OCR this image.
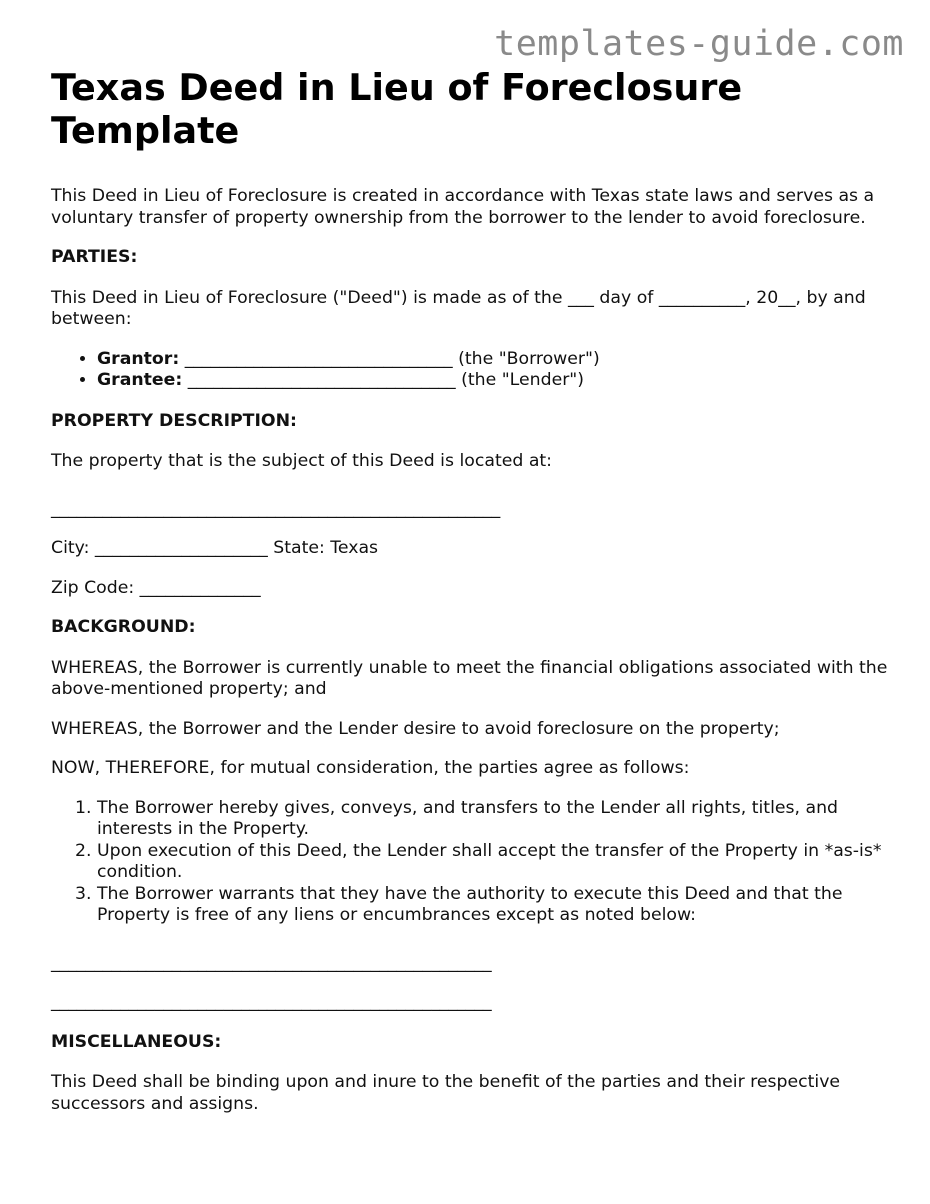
templates-guide.com
Texas Deed in Lieu of Foreclosure Template

This Deed in Lieu of Foreclosure is created in accordance with Texas state laws and serves as a voluntary transfer of property ownership from the borrower to the lender to avoid foreclosure.

PARTIES:

This Deed in Lieu of Foreclosure ("Deed") is made as of the ___ day of __________, 20__, by and between:

• Grantor: _______________________________ (the "Borrower")
• Grantee: _______________________________ (the "Lender")

PROPERTY DESCRIPTION:

The property that is the subject of this Deed is located at:

____________________________________________________

City: ____________________ State: Texas

Zip Code: ______________

BACKGROUND:

WHEREAS, the Borrower is currently unable to meet the financial obligations associated with the above-mentioned property; and

WHEREAS, the Borrower and the Lender desire to avoid foreclosure on the property;

NOW, THEREFORE, for mutual consideration, the parties agree as follows:

1. The Borrower hereby gives, conveys, and transfers to the Lender all rights, titles, and interests in the Property.
2. Upon execution of this Deed, the Lender shall accept the transfer of the Property in *as-is* condition.
3. The Borrower warrants that they have the authority to execute this Deed and that the Property is free of any liens or encumbrances except as noted below:

___________________________________________________

___________________________________________________

MISCELLANEOUS:

This Deed shall be binding upon and inure to the benefit of the parties and their respective successors and assigns.
